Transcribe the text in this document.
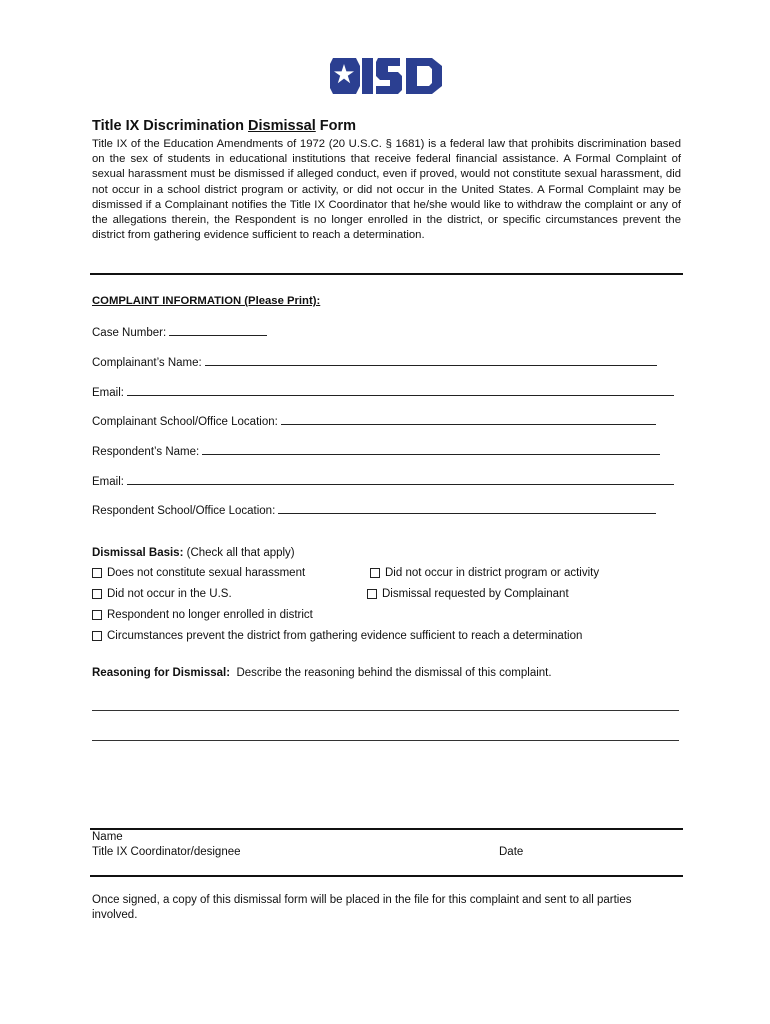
Title IX Discrimination Dismissal Form

Title IX of the Education Amendments of 1972 (20 U.S.C. § 1681) is a federal law that prohibits discrimination based on the sex of students in educational institutions that receive federal financial assistance. A Formal Complaint of sexual harassment must be dismissed if alleged conduct, even if proved, would not constitute sexual harassment, did not occur in a school district program or activity, or did not occur in the United States. A Formal Complaint may be dismissed if a Complainant notifies the Title IX Coordinator that he/she would like to withdraw the complaint or any of the allegations therein, the Respondent is no longer enrolled in the district, or specific circumstances prevent the district from gathering evidence sufficient to reach a determination.

COMPLAINT INFORMATION (Please Print):

Case Number:
Complainant’s Name:
Email:
Complainant School/Office Location:
Respondent’s Name:
Email:
Respondent School/Office Location:
Dismissal Basis: (Check all that apply)
Does not constitute sexual harassment	Did not occur in district program or activity
Did not occur in the U.S.	Dismissal requested by Complainant
Respondent no longer enrolled in district
Circumstances prevent the district from gathering evidence sufficient to reach a determination
Reasoning for Dismissal: Describe the reasoning behind the dismissal of this complaint.
Name
Title IX Coordinator/designee	Date

Once signed, a copy of this dismissal form will be placed in the file for this complaint and sent to all parties involved.
